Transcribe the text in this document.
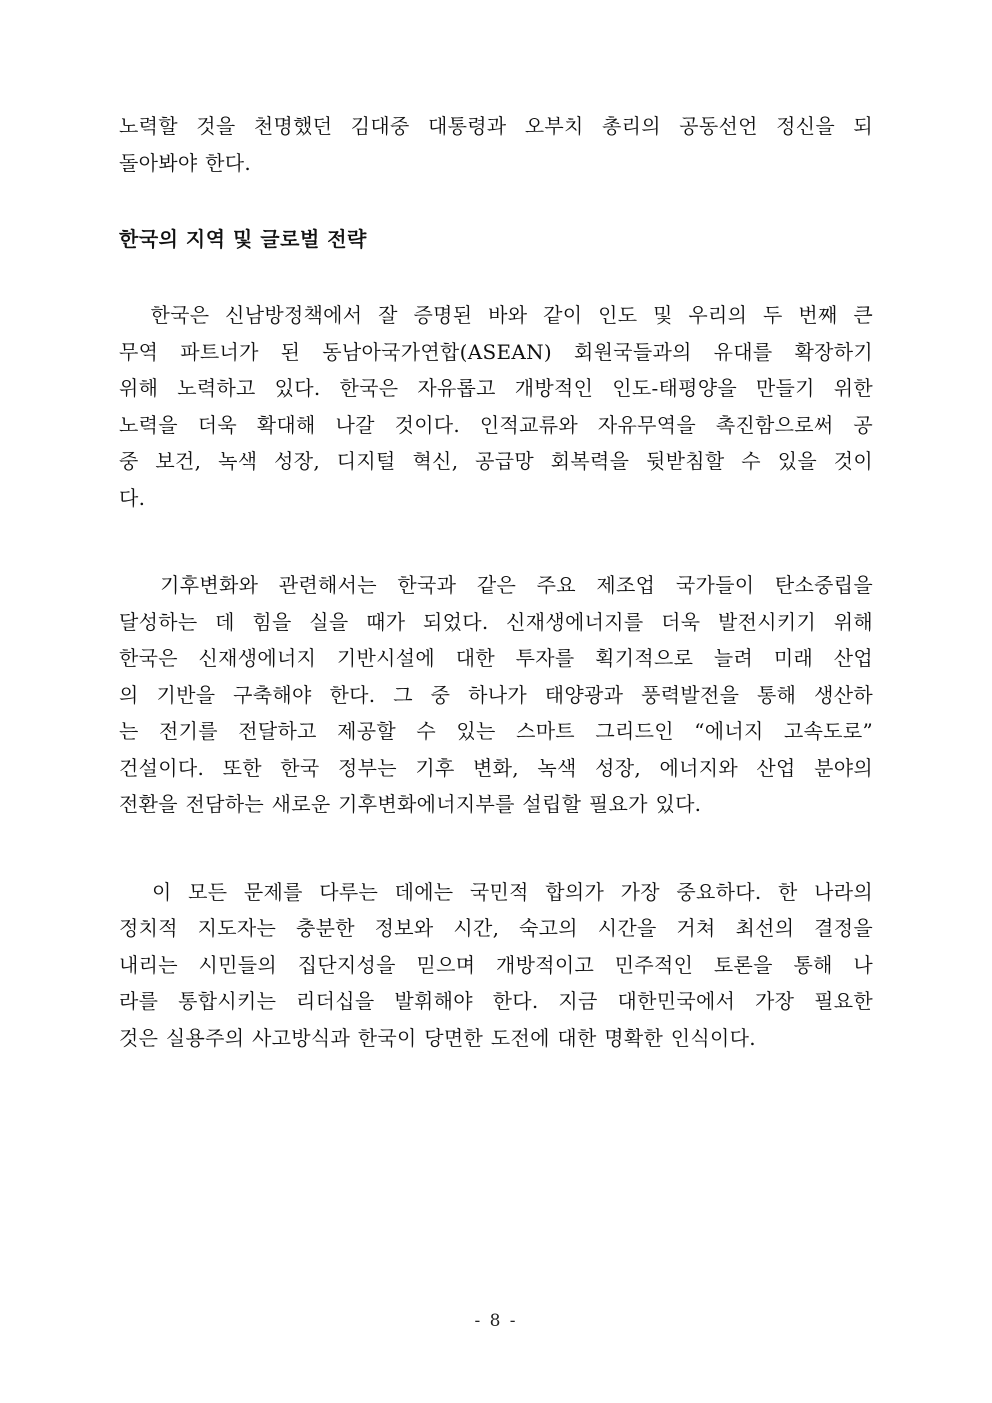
노력할 것을 천명했던 김대중 대통령과 오부치 총리의 공동선언 정신을 되
돌아봐야 한다.

한국의 지역 및 글로벌 전략

한국은 신남방정책에서 잘 증명된 바와 같이 인도 및 우리의 두 번째 큰
무역 파트너가 된 동남아국가연합(ASEAN) 회원국들과의 유대를 확장하기
위해 노력하고 있다. 한국은 자유롭고 개방적인 인도-태평양을 만들기 위한
노력을 더욱 확대해 나갈 것이다. 인적교류와 자유무역을 촉진함으로써 공
중 보건, 녹색 성장, 디지털 혁신, 공급망 회복력을 뒷받침할 수 있을 것이
다.

기후변화와 관련해서는 한국과 같은 주요 제조업 국가들이 탄소중립을
달성하는 데 힘을 실을 때가 되었다. 신재생에너지를 더욱 발전시키기 위해
한국은 신재생에너지 기반시설에 대한 투자를 획기적으로 늘려 미래 산업
의 기반을 구축해야 한다. 그 중 하나가 태양광과 풍력발전을 통해 생산하
는 전기를 전달하고 제공할 수 있는 스마트 그리드인 “에너지 고속도로”
건설이다. 또한 한국 정부는 기후 변화, 녹색 성장, 에너지와 산업 분야의
전환을 전담하는 새로운 기후변화에너지부를 설립할 필요가 있다.

이 모든 문제를 다루는 데에는 국민적 합의가 가장 중요하다. 한 나라의
정치적 지도자는 충분한 정보와 시간, 숙고의 시간을 거쳐 최선의 결정을
내리는 시민들의 집단지성을 믿으며 개방적이고 민주적인 토론을 통해 나
라를 통합시키는 리더십을 발휘해야 한다. 지금 대한민국에서 가장 필요한
것은 실용주의 사고방식과 한국이 당면한 도전에 대한 명확한 인식이다.

- 8 -
